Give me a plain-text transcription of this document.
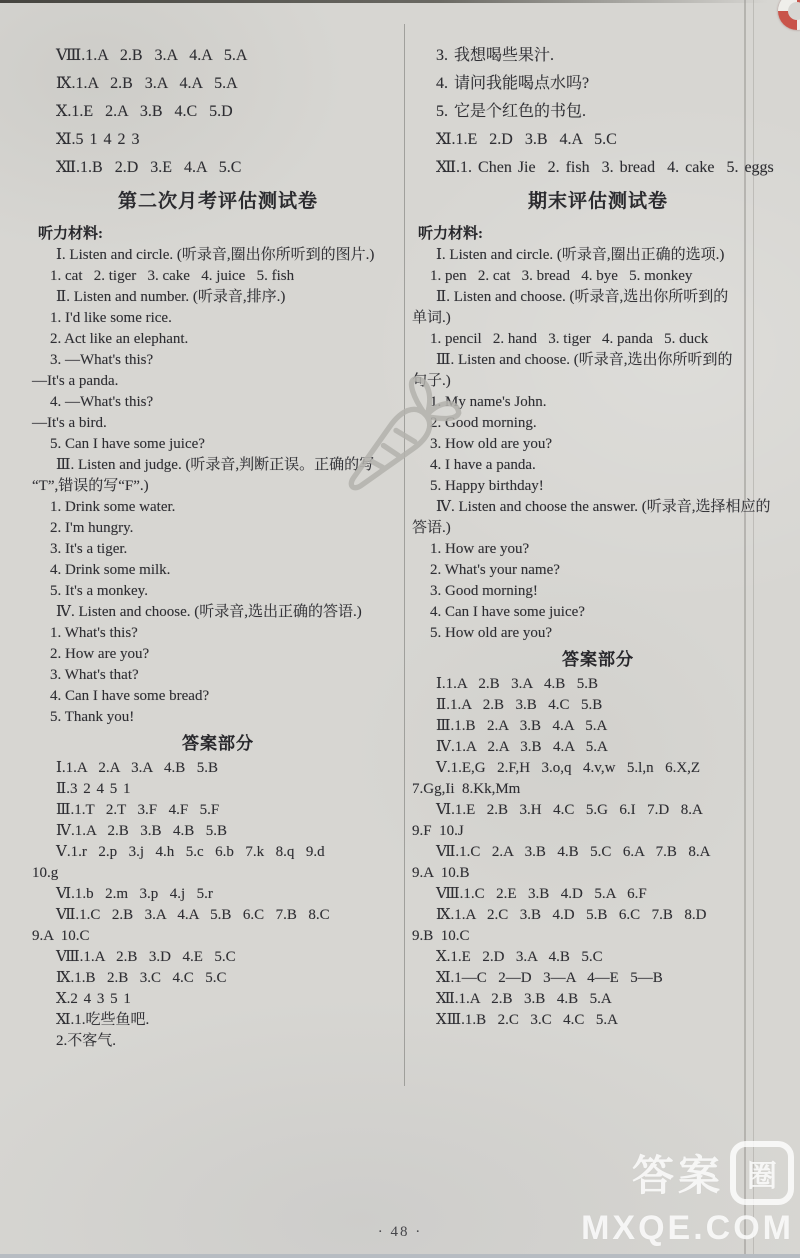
Ⅷ.1.A  2.B  3.A  4.A  5.A

Ⅸ.1.A  2.B  3.A  4.A  5.A

Ⅹ.1.E  2.A  3.B  4.C  5.D

Ⅺ.5 1 4 2 3

Ⅻ.1.B  2.D  3.E  4.A  5.C

第二次月考评估测试卷

听力材料:

Ⅰ. Listen and circle. (听录音,圈出你所听到的图片.)

1. cat   2. tiger   3. cake   4. juice   5. fish

Ⅱ. Listen and number. (听录音,排序.)

1. I'd like some rice.

2. Act like an elephant.

3. —What's this?

—It's a panda.

4. —What's this?

—It's a bird.

5. Can I have some juice?

Ⅲ. Listen and judge. (听录音,判断正误。正确的写

“T”,错误的写“F”.)

1. Drink some water.

2. I'm hungry.

3. It's a tiger.

4. Drink some milk.

5. It's a monkey.

Ⅳ. Listen and choose. (听录音,选出正确的答语.)

1. What's this?

2. How are you?

3. What's that?

4. Can I have some bread?

5. Thank you!

答案部分

Ⅰ.1.A  2.A  3.A  4.B  5.B

Ⅱ.3 2 4 5 1

Ⅲ.1.T  2.T  3.F  4.F  5.F

Ⅳ.1.A  2.B  3.B  4.B  5.B

Ⅴ.1.r  2.p  3.j  4.h  5.c  6.b  7.k  8.q  9.d

10.g

Ⅵ.1.b  2.m  3.p  4.j  5.r

Ⅶ.1.C  2.B  3.A  4.A  5.B  6.C  7.B  8.C

9.A  10.C

Ⅷ.1.A  2.B  3.D  4.E  5.C

Ⅸ.1.B  2.B  3.C  4.C  5.C

Ⅹ.2 4 3 5 1

Ⅺ.1.吃些鱼吧.

2.不客气.

3. 我想喝些果汁.

4. 请问我能喝点水吗?

5. 它是个红色的书包.

Ⅺ.1.E  2.D  3.B  4.A  5.C

Ⅻ.1. Chen Jie  2. fish  3. bread  4. cake  5. eggs

期末评估测试卷

听力材料:

Ⅰ. Listen and circle. (听录音,圈出正确的选项.)

1. pen   2. cat   3. bread   4. bye   5. monkey

Ⅱ. Listen and choose. (听录音,选出你所听到的

单词.)

1. pencil   2. hand   3. tiger   4. panda   5. duck

Ⅲ. Listen and choose. (听录音,选出你所听到的

句子.)

1. My name's John.

2. Good morning.

3. How old are you?

4. I have a panda.

5. Happy birthday!

Ⅳ. Listen and choose the answer. (听录音,选择相应的

答语.)

1. How are you?

2. What's your name?

3. Good morning!

4. Can I have some juice?

5. How old are you?

答案部分

Ⅰ.1.A  2.B  3.A  4.B  5.B

Ⅱ.1.A  2.B  3.B  4.C  5.B

Ⅲ.1.B  2.A  3.B  4.A  5.A

Ⅳ.1.A  2.A  3.B  4.A  5.A

Ⅴ.1.E,G  2.F,H  3.o,q  4.v,w  5.l,n  6.X,Z

7.Gg,Ii  8.Kk,Mm

Ⅵ.1.E  2.B  3.H  4.C  5.G  6.I  7.D  8.A

9.F  10.J

Ⅶ.1.C  2.A  3.B  4.B  5.C  6.A  7.B  8.A

9.A  10.B

Ⅷ.1.C  2.E  3.B  4.D  5.A  6.F

Ⅸ.1.A  2.C  3.B  4.D  5.B  6.C  7.B  8.D

9.B  10.C

Ⅹ.1.E  2.D  3.A  4.B  5.C

Ⅺ.1—C  2—D  3—A  4—E  5—B

Ⅻ.1.A  2.B  3.B  4.B  5.A

ⅩⅢ.1.B  2.C  3.C  4.C  5.A

· 48 ·
答案 圈
MXQE.COM
